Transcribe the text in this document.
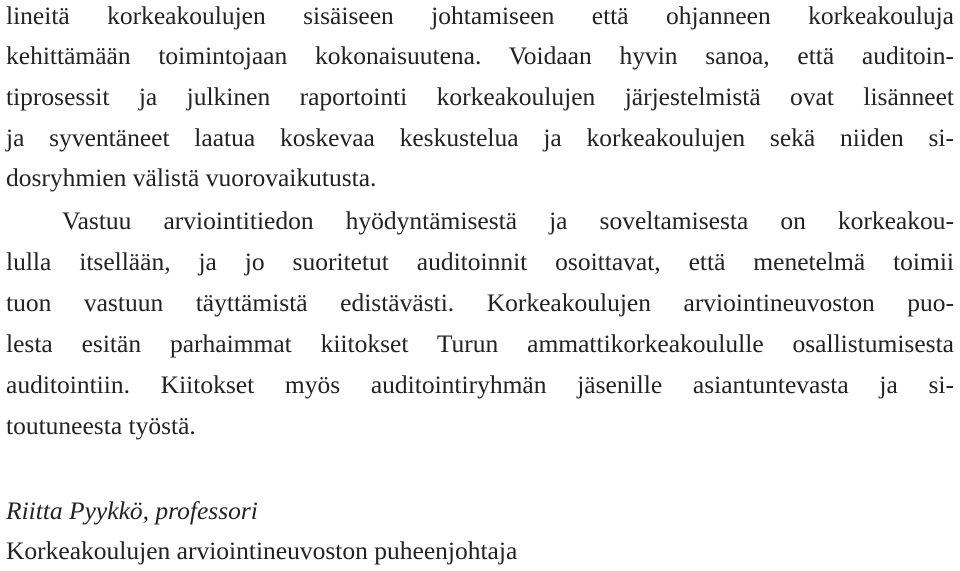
lineitä korkeakoulujen sisäiseen johtamiseen että ohjanneen korkeakouluja
kehittämään toimintojaan kokonaisuutena. Voidaan hyvin sanoa, että auditoin-
tiprosessit ja julkinen raportointi korkeakoulujen järjestelmistä ovat lisänneet
ja syventäneet laatua koskevaa keskustelua ja korkeakoulujen sekä niiden si-
dosryhmien välistä vuorovaikutusta.
Vastuu arviointitiedon hyödyntämisestä ja soveltamisesta on korkeakou-
lulla itsellään, ja jo suoritetut auditoinnit osoittavat, että menetelmä toimii
tuon vastuun täyttämistä edistävästi. Korkeakoulujen arviointineuvoston puo-
lesta esitän parhaimmat kiitokset Turun ammattikorkeakoululle osallistumisesta
auditointiin. Kiitokset myös auditointiryhmän jäsenille asiantuntevasta ja si-
toutuneesta työstä.
Riitta Pyykkö, professori
Korkeakoulujen arviointineuvoston puheenjohtaja
